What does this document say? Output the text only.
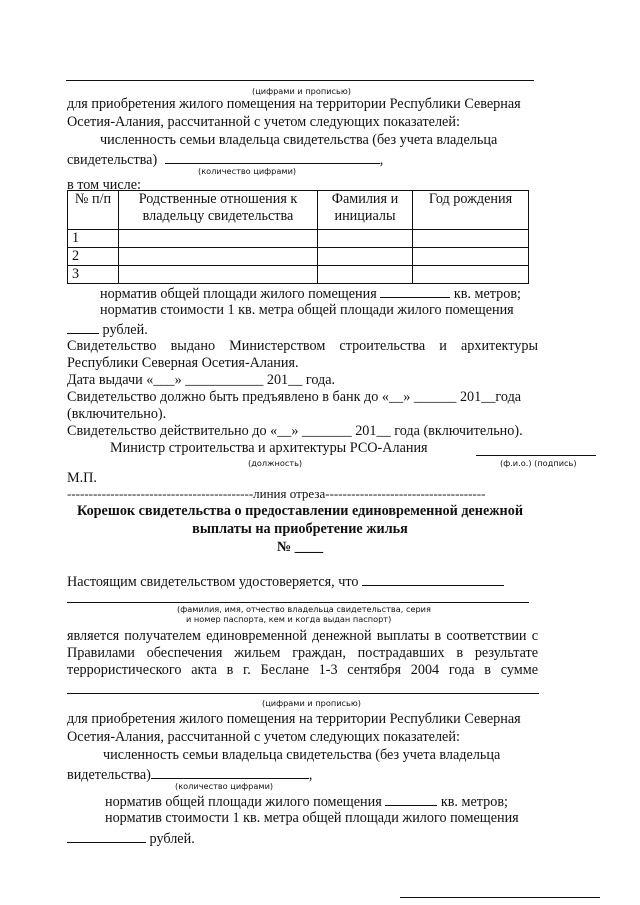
(цифрами и прописью)
для приобретения жилого помещения на территории Республики Северная
Осетия-Алания, рассчитанной с учетом следующих показателей:
численность семьи владельца свидетельства (без учета владельца
свидетельства)	,
(количество цифрами)
в том числе:
№ п/п	Родственные отношения к владельцу свидетельства	Фамилия и инициалы	Год рождения
1			
2			
3			
норматив общей площади жилого помещения	кв. метров;
норматив стоимости 1 кв. метра общей площади жилого помещения
рублей.
Свидетельство выдано Министерством строительства и архитектуры
Республики Северная Осетия-Алания.
Дата выдачи «___» ___________ 201__ года.
Свидетельство должно быть предъявлено в банк до «__» ______ 201__года
(включительно).
Свидетельство действительно до «__» _______ 201__ года (включительно).
Министр строительства и архитектуры РСО-Алания
(должность)	(ф.и.о.) (подпись)
М.П.
-------------------------------------------линия отреза-------------------------------------
Корешок свидетельства о предоставлении единовременной денежной
выплаты на приобретение жилья
№ ____
Настоящим свидетельством удостоверяется, что
(фамилия, имя, отчество владельца свидетельства, серия
и номер паспорта, кем и когда выдан паспорт)
является получателем единовременной денежной выплаты в соответствии с
Правилами обеспечения жильем граждан, пострадавших в результате
террористического акта в г. Беслане 1-3 сентября 2004 года в сумме
(цифрами и прописью)
для приобретения жилого помещения на территории Республики Северная
Осетия-Алания, рассчитанной с учетом следующих показателей:
численность семьи владельца свидетельства (без учета владельца
видетельства)	,
(количество цифрами)
норматив общей площади жилого помещения	кв. метров;
норматив стоимости 1 кв. метра общей площади жилого помещения
рублей.
